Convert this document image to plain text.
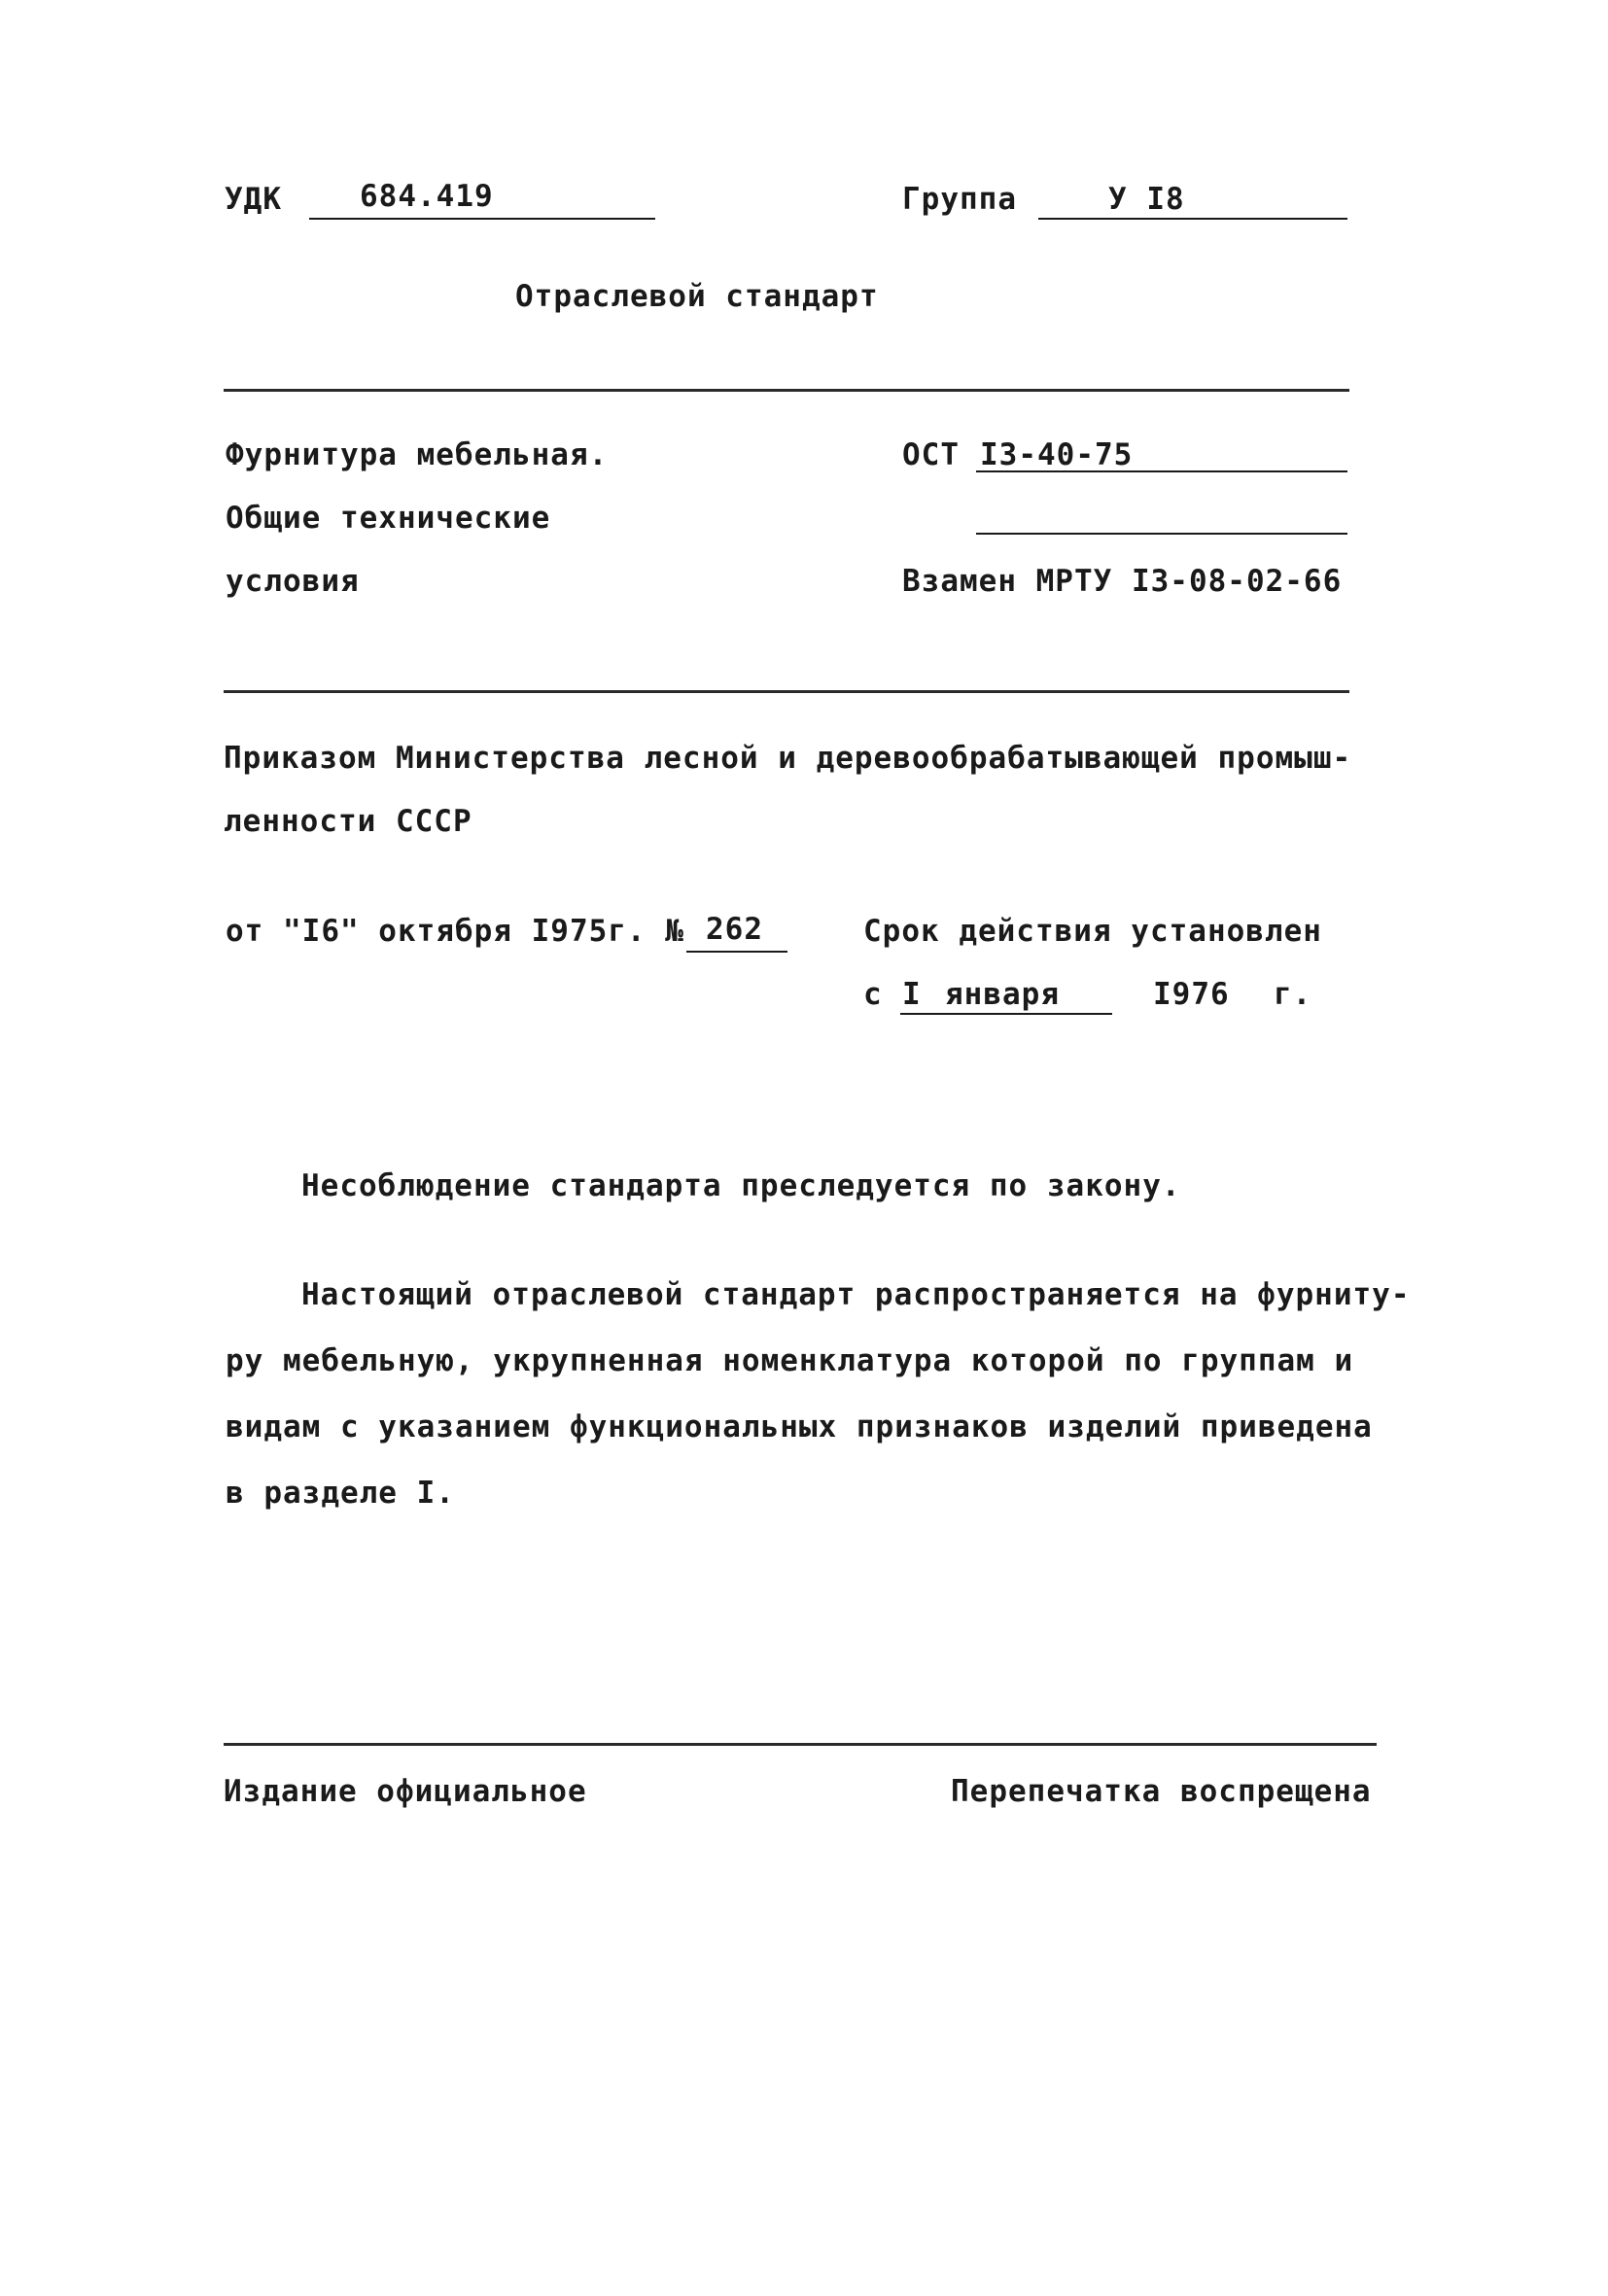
УДК	684.419	Группа	У I8
Отраслевой стандарт
Фурнитура мебельная.
Общие технические
условия
ОСТ I3-40-75
Взамен МРТУ I3-08-02-66
Приказом Министерства лесной и деревообрабатывающей промыш-
ленности СССР
от "I6" октября I975г. № 262	Срок действия установлен
с I января	I976 г.
Несоблюдение стандарта преследуется по закону.
Настоящий отраслевой стандарт распространяется на фурниту-
ру мебельную, укрупненная номенклатура которой по группам и
видам с указанием функциональных признаков изделий приведена
в разделе I.
Издание официальное	Перепечатка воспрещена
